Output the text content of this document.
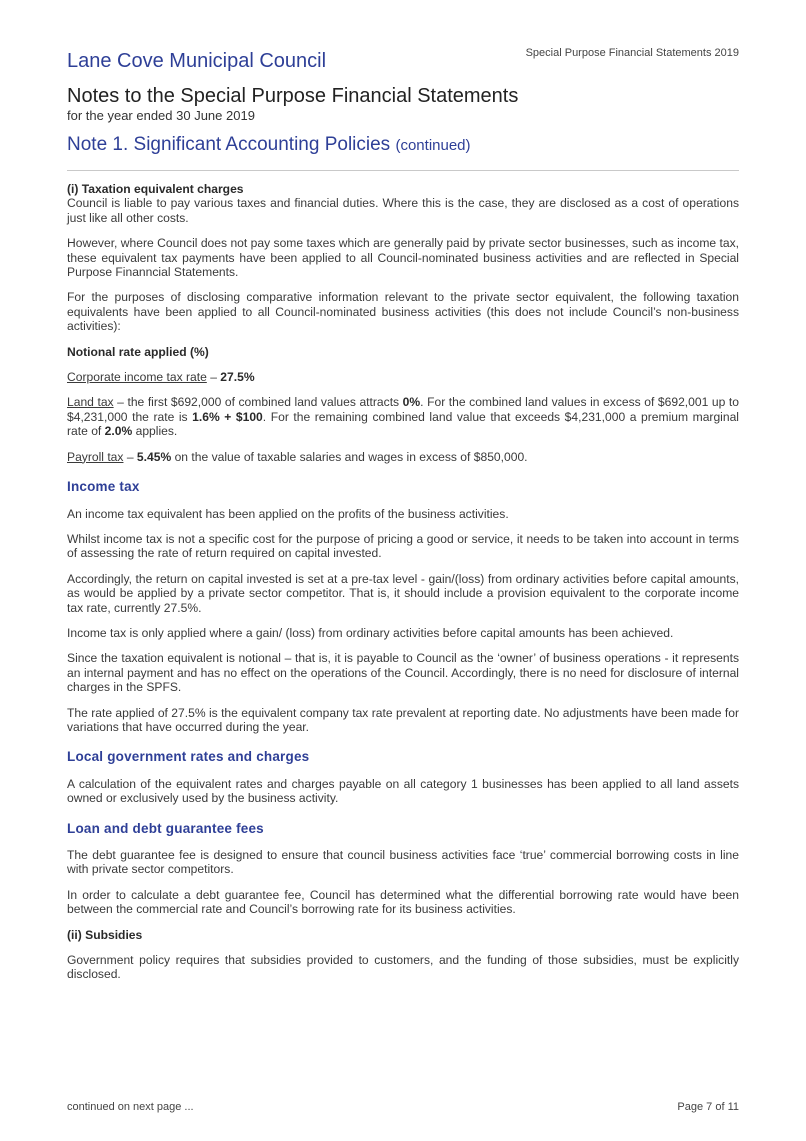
Special Purpose Financial Statements 2019
Lane Cove Municipal Council
Notes to the Special Purpose Financial Statements
for the year ended 30 June 2019
Note 1. Significant Accounting Policies (continued)

(i) Taxation equivalent charges

Council is liable to pay various taxes and financial duties. Where this is the case, they are disclosed as a cost of operations just like all other costs.

However, where Council does not pay some taxes which are generally paid by private sector businesses, such as income tax, these equivalent tax payments have been applied to all Council-nominated business activities and are reflected in Special Purpose Finanncial Statements.

For the purposes of disclosing comparative information relevant to the private sector equivalent, the following taxation equivalents have been applied to all Council-nominated business activities (this does not include Council’s non-business activities):

Notional rate applied (%)

Corporate income tax rate – 27.5%

Land tax – the first $692,000 of combined land values attracts 0%. For the combined land values in excess of $692,001 up to $4,231,000 the rate is 1.6% + $100. For the remaining combined land value that exceeds $4,231,000 a premium marginal rate of 2.0% applies.

Payroll tax – 5.45% on the value of taxable salaries and wages in excess of $850,000.

Income tax

An income tax equivalent has been applied on the profits of the business activities.

Whilst income tax is not a specific cost for the purpose of pricing a good or service, it needs to be taken into account in terms of assessing the rate of return required on capital invested.

Accordingly, the return on capital invested is set at a pre-tax level - gain/(loss) from ordinary activities before capital amounts, as would be applied by a private sector competitor. That is, it should include a provision equivalent to the corporate income tax rate, currently 27.5%.

Income tax is only applied where a gain/ (loss) from ordinary activities before capital amounts has been achieved.

Since the taxation equivalent is notional – that is, it is payable to Council as the ‘owner’ of business operations - it represents an internal payment and has no effect on the operations of the Council. Accordingly, there is no need for disclosure of internal charges in the SPFS.

The rate applied of 27.5% is the equivalent company tax rate prevalent at reporting date. No adjustments have been made for variations that have occurred during the year.

Local government rates and charges

A calculation of the equivalent rates and charges payable on all category 1 businesses has been applied to all land assets owned or exclusively used by the business activity.

Loan and debt guarantee fees

The debt guarantee fee is designed to ensure that council business activities face ‘true’ commercial borrowing costs in line with private sector competitors.

In order to calculate a debt guarantee fee, Council has determined what the differential borrowing rate would have been between the commercial rate and Council’s borrowing rate for its business activities.

(ii) Subsidies

Government policy requires that subsidies provided to customers, and the funding of those subsidies, must be explicitly disclosed.

continued on next page ...	Page 7 of 11
